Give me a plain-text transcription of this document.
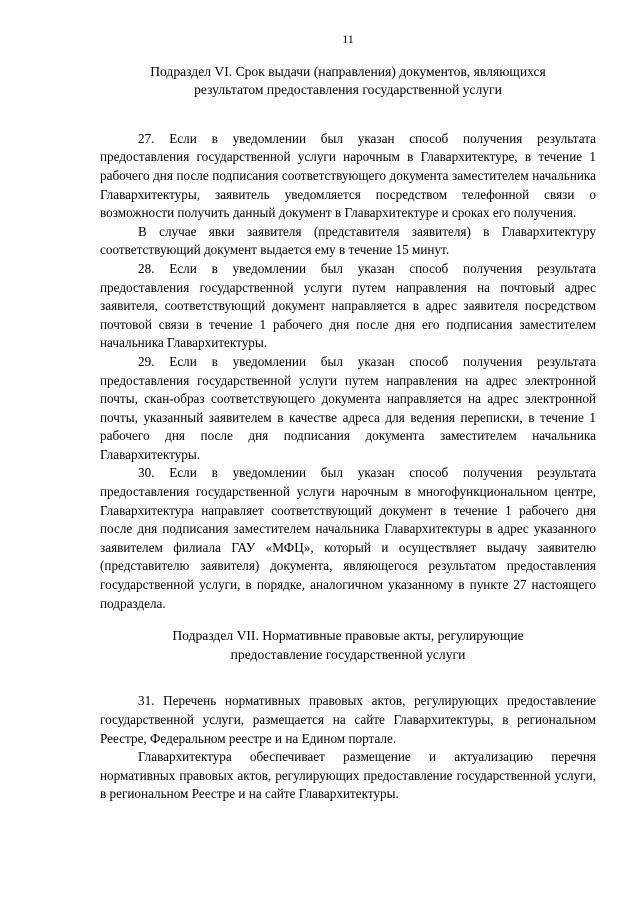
11
Подраздел VI. Срок выдачи (направления) документов, являющихся
результатом предоставления государственной услуги

27. Если в уведомлении был указан способ получения результата предоставления государственной услуги нарочным в Главархитектуре, в течение 1 рабочего дня после подписания соответствующего документа заместителем начальника Главархитектуры, заявитель уведомляется посредством телефонной связи о возможности получить данный документ в Главархитектуре и сроках его получения.

В случае явки заявителя (представителя заявителя) в Главархитектуру соответствующий документ выдается ему в течение 15 минут.

28. Если в уведомлении был указан способ получения результата предоставления государственной услуги путем направления на почтовый адрес заявителя, соответствующий документ направляется в адрес заявителя посредством почтовой связи в течение 1 рабочего дня после дня его подписания заместителем начальника Главархитектуры.

29. Если в уведомлении был указан способ получения результата предоставления государственной услуги путем направления на адрес электронной почты, скан-образ соответствующего документа направляется на адрес электронной почты, указанный заявителем в качестве адреса для ведения переписки, в течение 1 рабочего дня после дня подписания документа заместителем начальника Главархитектуры.

30. Если в уведомлении был указан способ получения результата предоставления государственной услуги нарочным в многофункциональном центре, Главархитектура направляет соответствующий документ в течение 1 рабочего дня после дня подписания заместителем начальника Главархитектуры в адрес указанного заявителем филиала ГАУ «МФЦ», который и осуществляет выдачу заявителю (представителю заявителя) документа, являющегося результатом предоставления государственной услуги, в порядке, аналогичном указанному в пункте 27 настоящего подраздела.

Подраздел VII. Нормативные правовые акты, регулирующие
предоставление государственной услуги

31. Перечень нормативных правовых актов, регулирующих предоставление государственной услуги, размещается на сайте Главархитектуры, в региональном Реестре, Федеральном реестре и на Едином портале.

Главархитектура обеспечивает размещение и актуализацию перечня нормативных правовых актов, регулирующих предоставление государственной услуги, в региональном Реестре и на сайте Главархитектуры.
